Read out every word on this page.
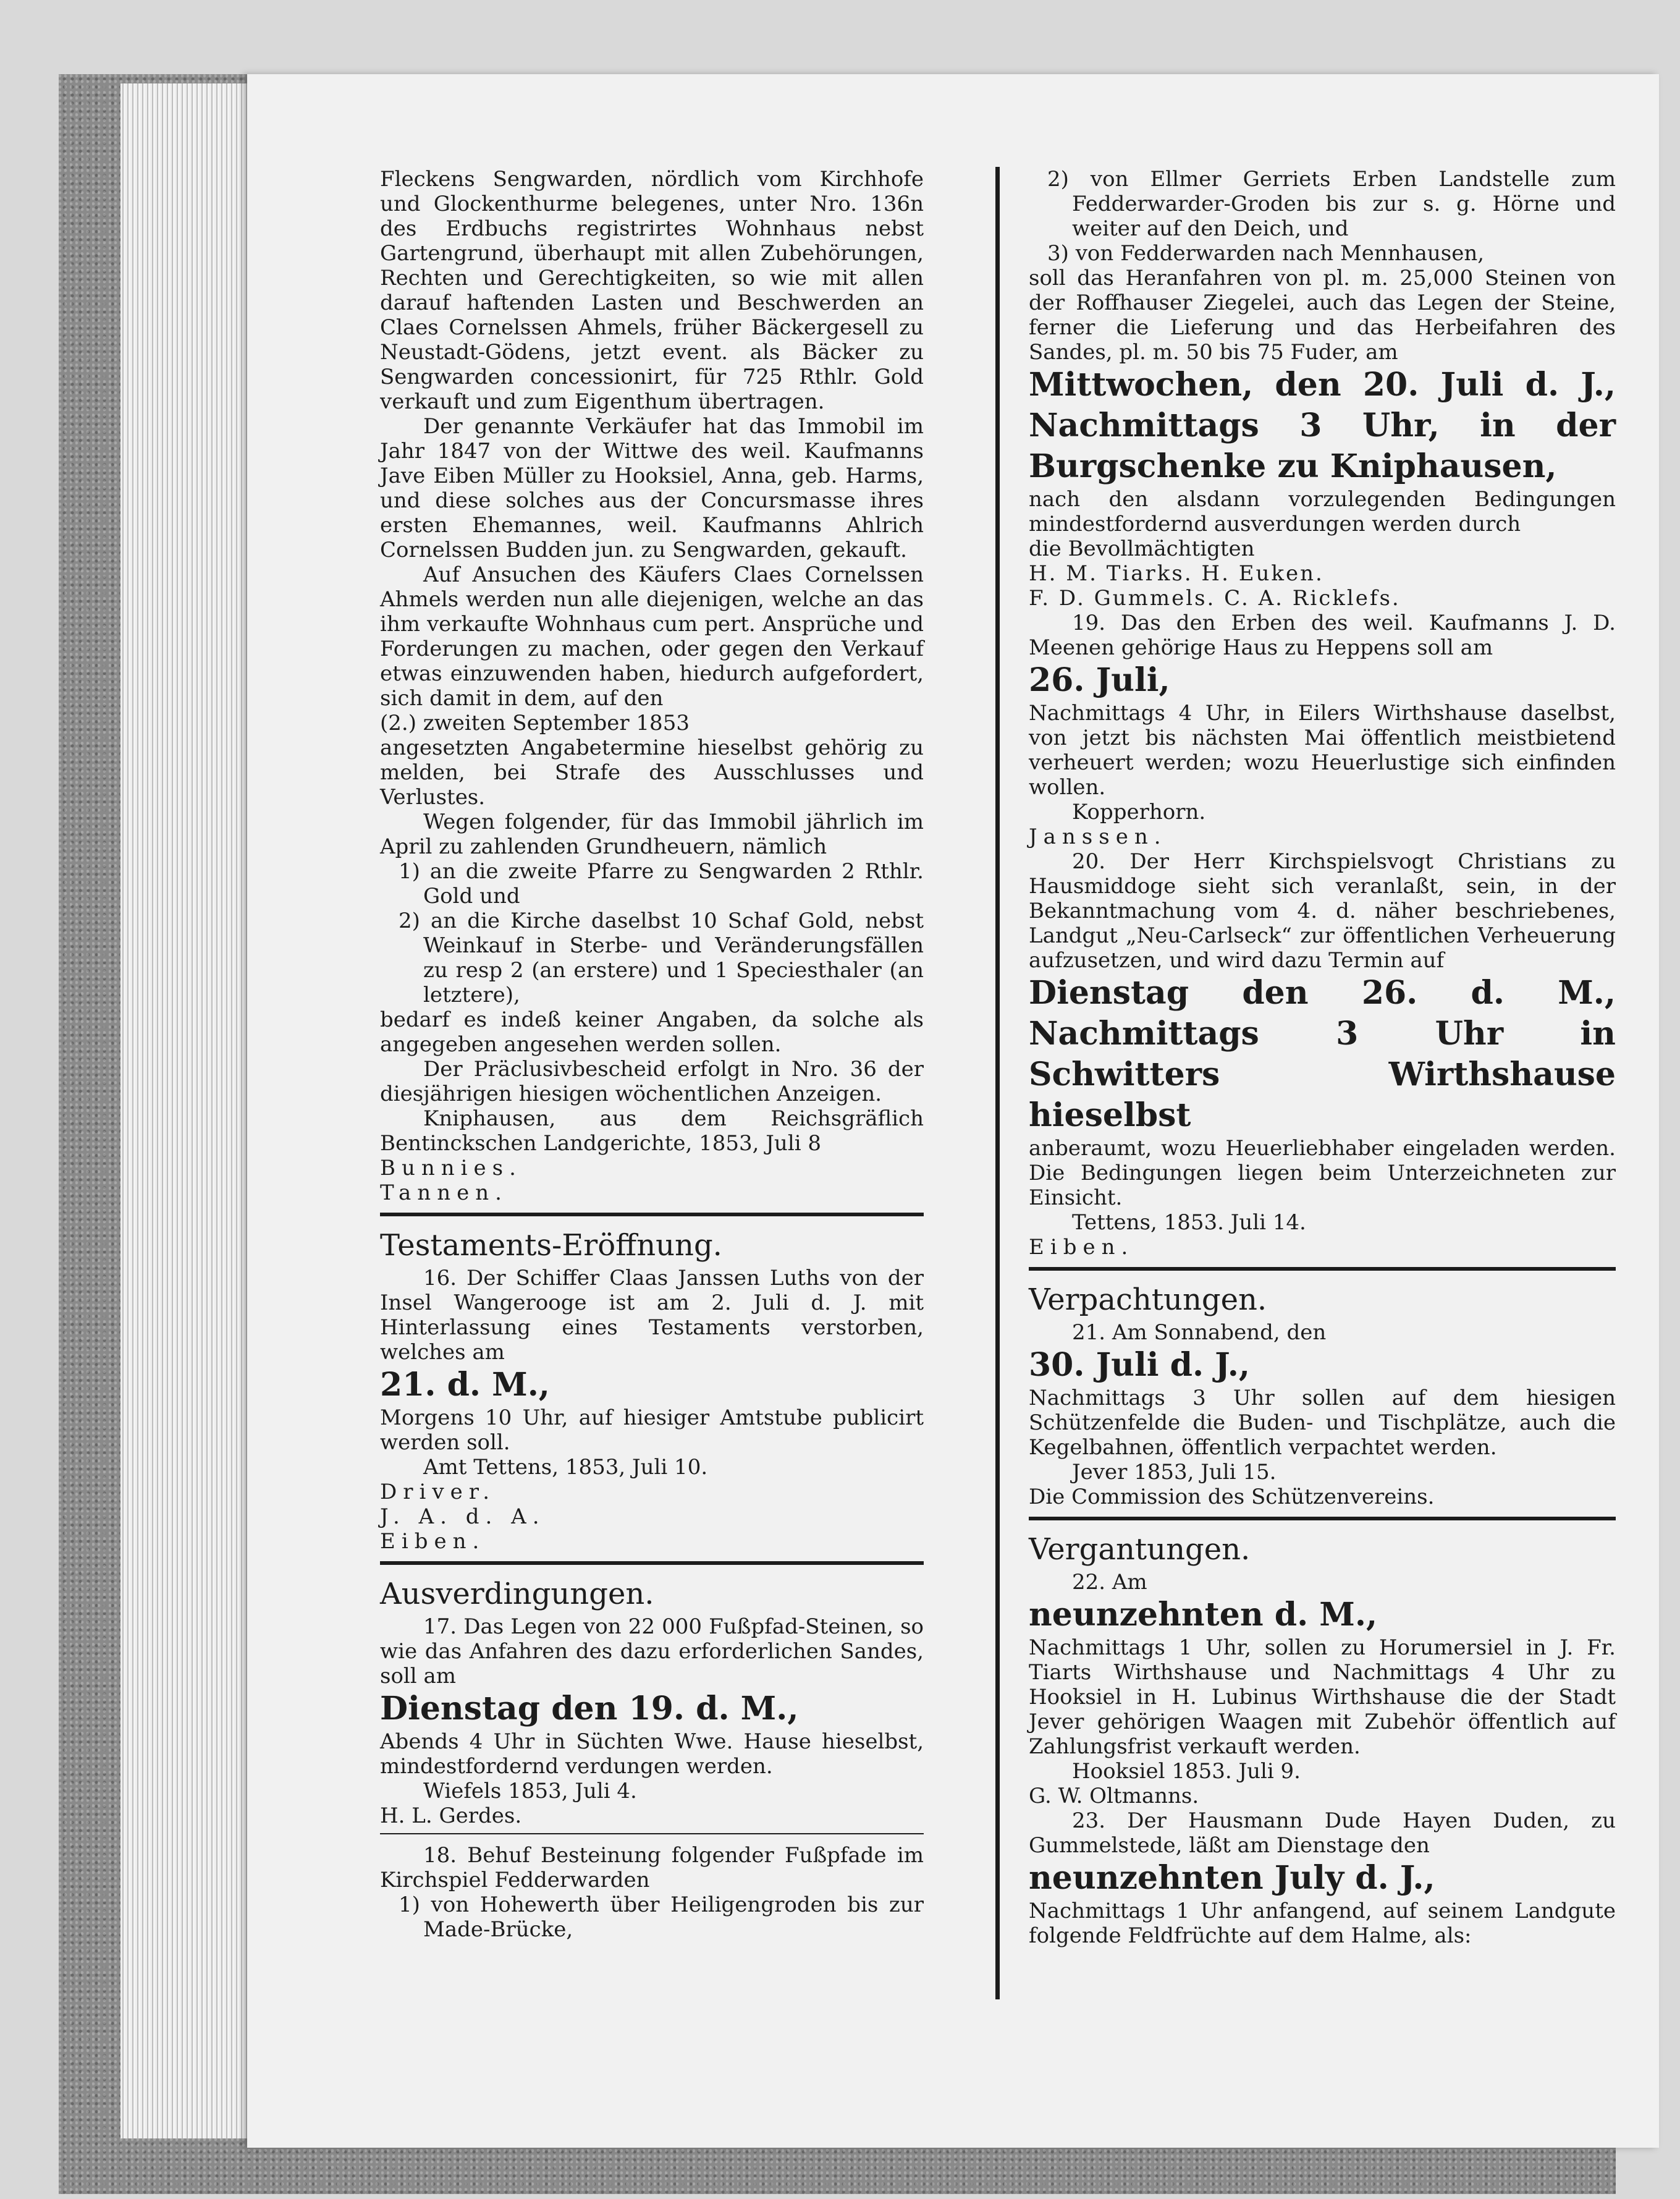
Fleckens Sengwarden, nördlich vom Kirchhofe und Glockenthurme belegenes, unter Nro. 136n des Erdbuchs registrirtes Wohnhaus nebst Gartengrund, überhaupt mit allen Zubehörungen, Rechten und Gerechtigkeiten, so wie mit allen darauf haftenden Lasten und Beschwerden an Claes Cornelssen Ahmels, früher Bäckergesell zu Neustadt-Gödens, jetzt event. als Bäcker zu Sengwarden concessionirt, für 725 Rthlr. Gold verkauft und zum Eigenthum übertragen.

Der genannte Verkäufer hat das Immobil im Jahr 1847 von der Wittwe des weil. Kaufmanns Jave Eiben Müller zu Hooksiel, Anna, geb. Harms, und diese solches aus der Concursmasse ihres ersten Ehemannes, weil. Kaufmanns Ahlrich Cornelssen Budden jun. zu Sengwarden, gekauft.

Auf Ansuchen des Käufers Claes Cornelssen Ahmels werden nun alle diejenigen, welche an das ihm verkaufte Wohnhaus cum pert. Ansprüche und Forderungen zu machen, oder gegen den Verkauf etwas einzuwenden haben, hiedurch aufgefordert, sich damit in dem, auf den

(2.) zweiten September 1853

angesetzten Angabetermine hieselbst gehörig zu melden, bei Strafe des Ausschlusses und Verlustes.

Wegen folgender, für das Immobil jährlich im April zu zahlenden Grundheuern, nämlich

1) an die zweite Pfarre zu Sengwarden 2 Rthlr. Gold und

2) an die Kirche daselbst 10 Schaf Gold, nebst Weinkauf in Sterbe- und Veränderungsfällen zu resp 2 (an erstere) und 1 Speciesthaler (an letztere),

bedarf es indeß keiner Angaben, da solche als angegeben angesehen werden sollen.

Der Präclusivbescheid erfolgt in Nro. 36 der diesjährigen hiesigen wöchentlichen Anzeigen.

Kniphausen, aus dem Reichsgräflich Bentinckschen Landgerichte, 1853, Juli 8

Bunnies.

Tannen.

Testaments-Eröffnung.

16. Der Schiffer Claas Janssen Luths von der Insel Wangerooge ist am 2. Juli d. J. mit Hinterlassung eines Testaments verstorben, welches am

21. d. M.,

Morgens 10 Uhr, auf hiesiger Amtstube publicirt werden soll.

Amt Tettens, 1853, Juli 10.

Driver.

J. A. d. A.

Eiben.

Ausverdingungen.

17. Das Legen von 22 000 Fußpfad-Steinen, so wie das Anfahren des dazu erforderlichen Sandes, soll am

Dienstag den 19. d. M.,

Abends 4 Uhr in Süchten Wwe. Hause hieselbst, mindestfordernd verdungen werden.

Wiefels 1853, Juli 4.

H. L. Gerdes.

18. Behuf Besteinung folgender Fußpfade im Kirchspiel Fedderwarden

1) von Hohewerth über Heiligengroden bis zur Made-Brücke,

2) von Ellmer Gerriets Erben Landstelle zum Fedderwarder-Groden bis zur s. g. Hörne und weiter auf den Deich, und

3) von Fedderwarden nach Mennhausen,

soll das Heranfahren von pl. m. 25,000 Steinen von der Roffhauser Ziegelei, auch das Legen der Steine, ferner die Lieferung und das Herbeifahren des Sandes, pl. m. 50 bis 75 Fuder, am

Mittwochen, den 20. Juli d. J., Nachmittags 3 Uhr, in der Burgschenke zu Kniphausen,

nach den alsdann vorzulegenden Bedingungen mindestfordernd ausverdungen werden durch

die Bevollmächtigten

H. M. Tiarks. H. Euken.

F. D. Gummels. C. A. Ricklefs.

19. Das den Erben des weil. Kaufmanns J. D. Meenen gehörige Haus zu Heppens soll am

26. Juli,

Nachmittags 4 Uhr, in Eilers Wirthshause daselbst, von jetzt bis nächsten Mai öffentlich meistbietend verheuert werden; wozu Heuerlustige sich einfinden wollen.

Kopperhorn.

Janssen.

20. Der Herr Kirchspielsvogt Christians zu Hausmiddoge sieht sich veranlaßt, sein, in der Bekanntmachung vom 4. d. näher beschriebenes, Landgut „Neu-Carlseck“ zur öffentlichen Verheuerung aufzusetzen, und wird dazu Termin auf

Dienstag den 26. d. M., Nachmittags 3 Uhr in Schwitters Wirthshause hieselbst

anberaumt, wozu Heuerliebhaber eingeladen werden. Die Bedingungen liegen beim Unterzeichneten zur Einsicht.

Tettens, 1853. Juli 14.

Eiben.

Verpachtungen.

21. Am Sonnabend, den

30. Juli d. J.,

Nachmittags 3 Uhr sollen auf dem hiesigen Schützenfelde die Buden- und Tischplätze, auch die Kegelbahnen, öffentlich verpachtet werden.

Jever 1853, Juli 15.

Die Commission des Schützenvereins.

Vergantungen.

22. Am

neunzehnten d. M.,

Nachmittags 1 Uhr, sollen zu Horumersiel in J. Fr. Tiarts Wirthshause und Nachmittags 4 Uhr zu Hooksiel in H. Lubinus Wirthshause die der Stadt Jever gehörigen Waagen mit Zubehör öffentlich auf Zahlungsfrist verkauft werden.

Hooksiel 1853. Juli 9.

G. W. Oltmanns.

23. Der Hausmann Dude Hayen Duden, zu Gummelstede, läßt am Dienstage den

neunzehnten July d. J.,

Nachmittags 1 Uhr anfangend, auf seinem Landgute folgende Feldfrüchte auf dem Halme, als:
